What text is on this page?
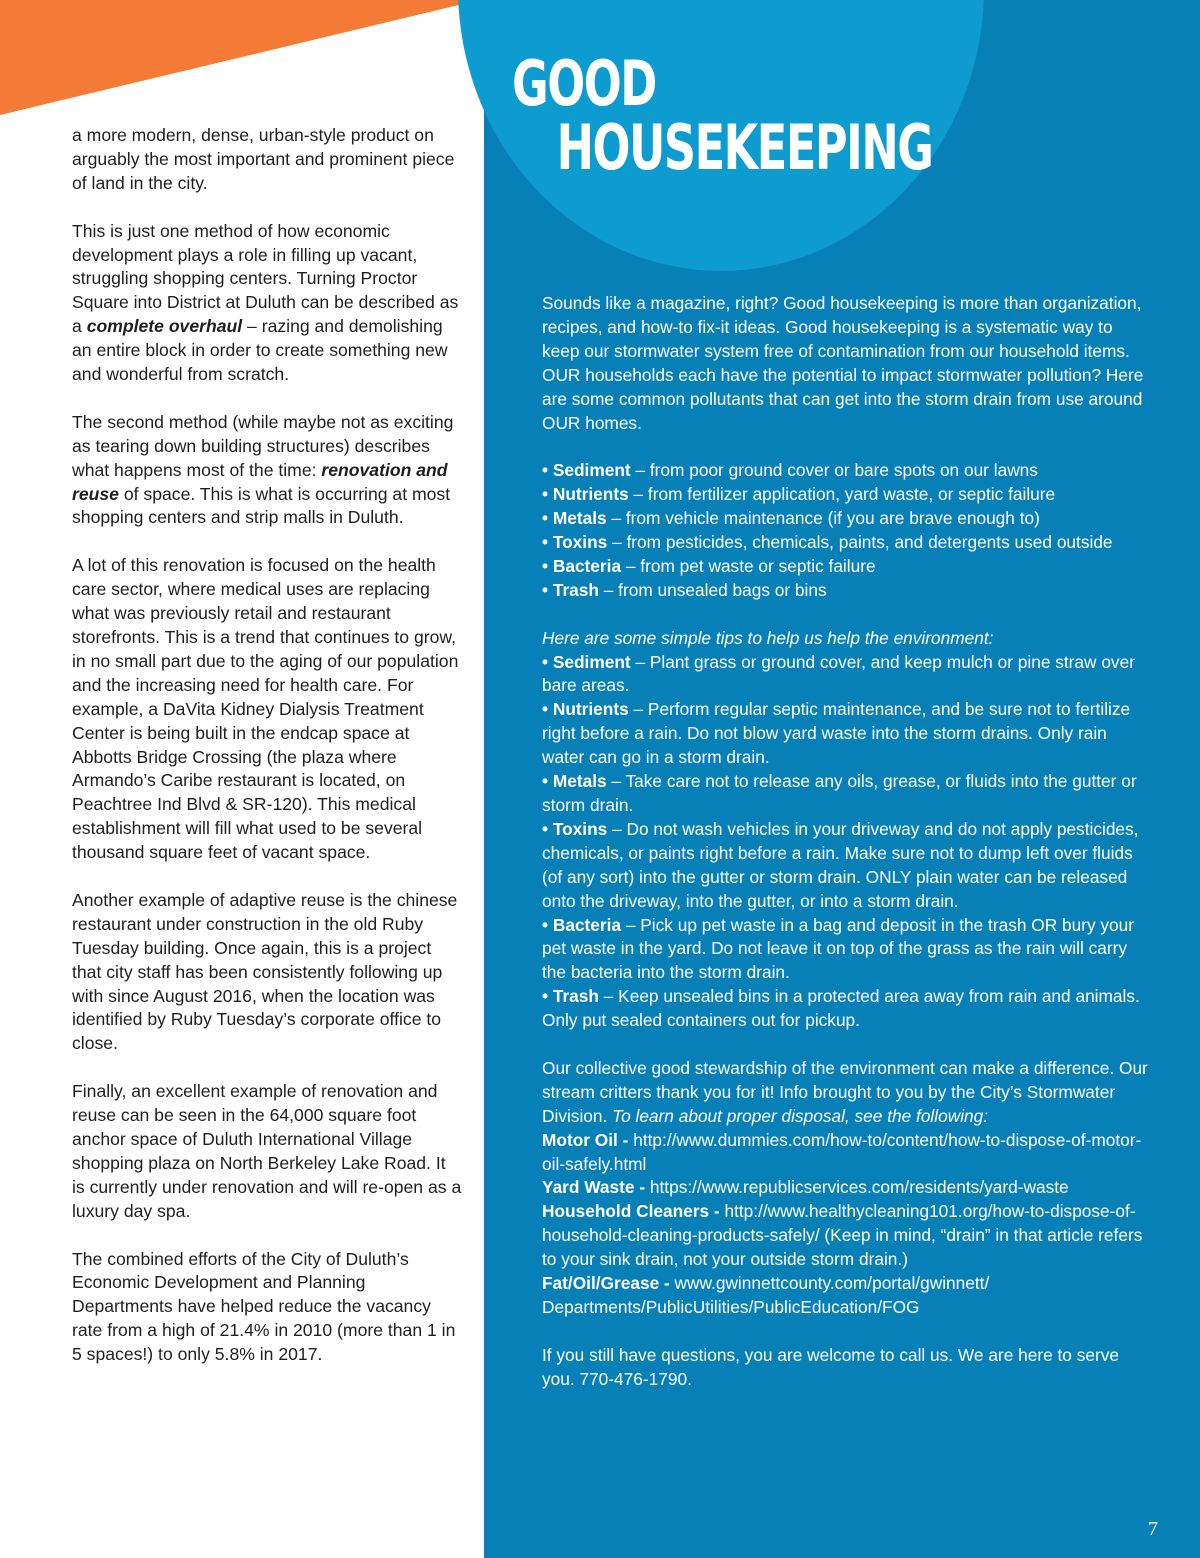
GOOD
HOUSEKEEPING

a more modern, dense, urban-style product on arguably the most important and prominent piece of land in the city.

This is just one method of how economic development plays a role in filling up vacant, struggling shopping centers. Turning Proctor Square into District at Duluth can be described as a complete overhaul – razing and demolishing an entire block in order to create something new and wonderful from scratch.

The second method (while maybe not as exciting as tearing down building structures) describes what happens most of the time: renovation and reuse of space. This is what is occurring at most shopping centers and strip malls in Duluth.

A lot of this renovation is focused on the health care sector, where medical uses are replacing what was previously retail and restaurant storefronts. This is a trend that continues to grow, in no small part due to the aging of our population and the increasing need for health care. For example, a DaVita Kidney Dialysis Treatment Center is being built in the endcap space at Abbotts Bridge Crossing (the plaza where Armando’s Caribe restaurant is located, on Peachtree Ind Blvd & SR-120). This medical establishment will fill what used to be several thousand square feet of vacant space.

Another example of adaptive reuse is the chinese restaurant under construction in the old Ruby Tuesday building. Once again, this is a project that city staff has been consistently following up with since August 2016, when the location was identified by Ruby Tuesday’s corporate office to close.

Finally, an excellent example of renovation and reuse can be seen in the 64,000 square foot anchor space of Duluth International Village shopping plaza on North Berkeley Lake Road. It is currently under renovation and will re-open as a luxury day spa.

The combined efforts of the City of Duluth’s Economic Development and Planning Departments have helped reduce the vacancy rate from a high of 21.4% in 2010 (more than 1 in 5 spaces!) to only 5.8% in 2017.

Sounds like a magazine, right? Good housekeeping is more than organization, recipes, and how-to fix-it ideas. Good housekeeping is a systematic way to keep our stormwater system free of contamination from our household items. OUR households each have the potential to impact stormwater pollution? Here are some common pollutants that can get into the storm drain from use around OUR homes.

• Sediment – from poor ground cover or bare spots on our lawns
• Nutrients – from fertilizer application, yard waste, or septic failure
• Metals – from vehicle maintenance (if you are brave enough to)
• Toxins – from pesticides, chemicals, paints, and detergents used outside
• Bacteria – from pet waste or septic failure
• Trash – from unsealed bags or bins

Here are some simple tips to help us help the environment:
• Sediment – Plant grass or ground cover, and keep mulch or pine straw over bare areas.
• Nutrients – Perform regular septic maintenance, and be sure not to fertilize right before a rain. Do not blow yard waste into the storm drains. Only rain water can go in a storm drain.
• Metals – Take care not to release any oils, grease, or fluids into the gutter or storm drain.
• Toxins – Do not wash vehicles in your driveway and do not apply pesticides, chemicals, or paints right before a rain. Make sure not to dump left over fluids (of any sort) into the gutter or storm drain. ONLY plain water can be released onto the driveway, into the gutter, or into a storm drain.
• Bacteria – Pick up pet waste in a bag and deposit in the trash OR bury your pet waste in the yard. Do not leave it on top of the grass as the rain will carry the bacteria into the storm drain.
• Trash – Keep unsealed bins in a protected area away from rain and animals. Only put sealed containers out for pickup.

Our collective good stewardship of the environment can make a difference. Our stream critters thank you for it! Info brought to you by the City’s Stormwater Division. To learn about proper disposal, see the following:
Motor Oil - http://www.dummies.com/how-to/content/how-to-dispose-of-motor-oil-safely.html
Yard Waste - https://www.republicservices.com/residents/yard-waste
Household Cleaners - http://www.healthycleaning101.org/how-to-dispose-of-household-cleaning-products-safely/ (Keep in mind, “drain” in that article refers to your sink drain, not your outside storm drain.)
Fat/Oil/Grease - www.gwinnettcounty.com/portal/gwinnett/ Departments/PublicUtilities/PublicEducation/FOG

If you still have questions, you are welcome to call us. We are here to serve you. 770-476-1790.

7
